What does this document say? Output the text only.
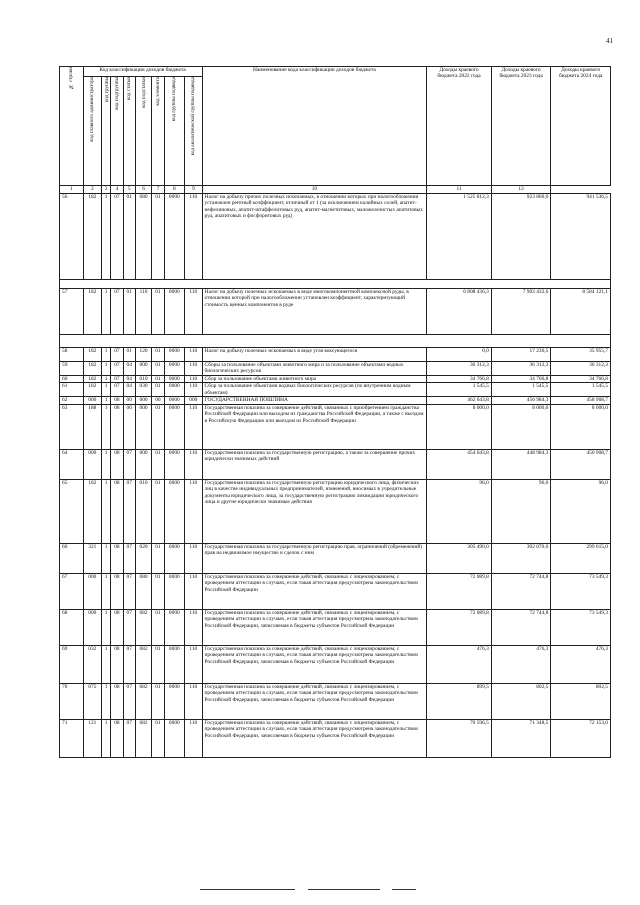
41
№ строки	Код классификации доходов бюджета								Наименование кода классификации доходов бюджета	Доходы краевого бюджета 2022 года	Доходы краевого бюджета 2023 года	Доходы краевого бюджета 2024 года

	код главного администратора	код группы	код подгруппы	код статьи	код подстатьи	код элемента	код группы подвида	код аналитической группы подвида				

1	2	3	4	5	6	7	8	9	10	11	12	
56	182	1	07	01	080	01	0000	110	Налог на добычу прочих полезных ископаемых, в отношении которых при налогообложении установлен рентный коэффициент, отличный от 1 (за исключением калийных солей, апатит-нефелиновых, апатит-штаффелитовых руд, апатит-магнетитовых, маложелезистых апатитовых руд, апатитовых и фосфоритовых руд)	1 525 812,3	923 860,0	941 536,5

57	182	1	07	01	110	01	0000	110	Налог на добычу полезных ископаемых в виде многокомпонентной комплексной руды, в отношении которой при налогообложении установлен коэффициент, характеризующий стоимость ценных компонентов в руде	6 808 436,3	7 903 432,6	8 584 121,1

58	182	1	07	01	120	01	0000	110	Налог на добычу полезных ископаемых в виде угля коксующегося	0,0	17 236,5	35 955,7
59	182	1	07	04	000	01	0000	110	Сборы за пользование объектами животного мира и за пользование объектами водных биологических ресурсов	36 312,3	36 312,3	36 312,3
60	182	1	07	04	010	01	0000	110	Сбор за пользование объектами животного мира	34 766,8	34 766,8	34 766,8
61	182	1	07	04	030	01	0000	110	Сбор за пользование объектами водных биологических ресурсов (по внутренним водным объектам)	1 545,5	1 545,5	1 545,5
62	000	1	08	00	000	00	0000	000	ГОСУДАРСТВЕННАЯ ПОШЛИНА	462 643,8	456 984,3	458 908,7
63	188	1	08	06	000	01	0000	110	Государственная пошлина за совершение действий, связанных с приобретением гражданства Российской Федерации или выходом из гражданства Российской Федерации, а также с въездом в Российскую Федерацию или выездом из Российской Федерации	8 000,0	8 000,0	8 000,0
64	000	1	08	07	000	01	0000	110	Государственная пошлина за государственную регистрацию, а также за совершение прочих юридически значимых действий	454 643,8	448 984,3	450 908,7
65	182	1	08	07	010	01	0000	110	Государственная пошлина за государственную регистрацию юридического лица, физических лиц в качестве индивидуальных предпринимателей, изменений, вносимых в учредительные документы юридического лица, за государственную регистрацию ликвидации юридического лица и другие юридически значимые действия	96,0	96,0	96,0
66	321	1	08	07	020	01	0000	110	Государственная пошлина за государственную регистрацию прав, ограничений (обременений) прав на недвижимое имущество и сделок с ним	305 490,0	302 070,0	299 615,0
67	000	1	08	07	080	01	0000	110	Государственная пошлина за совершение действий, связанных с лицензированием, с проведением аттестации в случаях, если такая аттестация предусмотрена законодательством Российской Федерации	72 089,8	72 744,8	73 549,3
68	000	1	08	07	082	01	0000	110	Государственная пошлина за совершение действий, связанных с лицензированием, с проведением аттестации в случаях, если такая аттестация предусмотрена законодательством Российской Федерации, зачисляемая в бюджеты субъектов Российской Федерации	72 089,8	72 744,8	73 549,3
69	032	1	08	07	082	01	0000	110	Государственная пошлина за совершение действий, связанных с лицензированием, с проведением аттестации в случаях, если такая аттестация предусмотрена законодательством Российской Федерации, зачисляемая в бюджеты субъектов Российской Федерации	476,3	476,3	476,3
70	075	1	08	07	082	01	0000	110	Государственная пошлина за совершение действий, связанных с лицензированием, с проведением аттестации в случаях, если такая аттестация предусмотрена законодательством Российской Федерации, зачисляемая в бюджеты субъектов Российской Федерации	899,5	802,5	802,5
71	121	1	08	07	082	01	0000	110	Государственная пошлина за совершение действий, связанных с лицензированием, с проведением аттестации в случаях, если такая аттестация предусмотрена законодательством Российской Федерации, зачисляемая в бюджеты субъектов Российской Федерации	70 596,5	71 348,5	72 153,0
